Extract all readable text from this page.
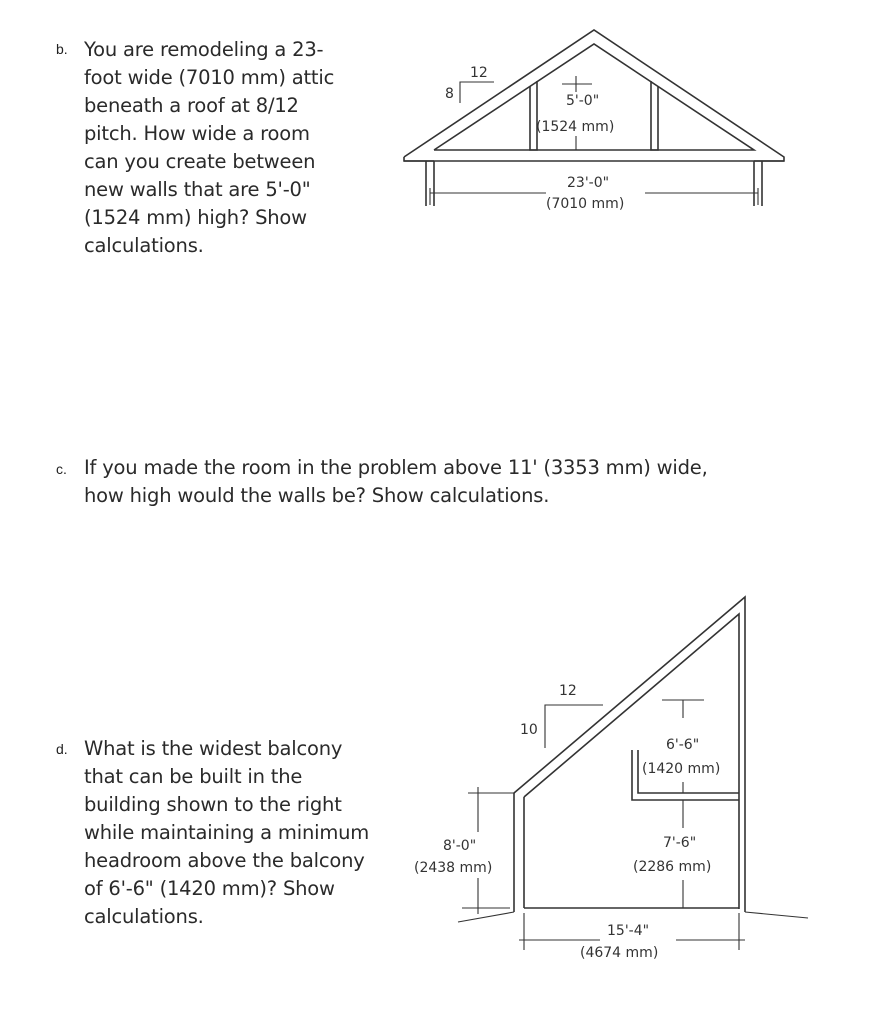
b. You are remodeling a 23-
foot wide (7010 mm) attic
beneath a roof at 8/12
pitch. How wide a room
can you create between
new walls that are 5'-0"
(1524 mm) high? Show
calculations.
c. If you made the room in the problem above 11' (3353 mm) wide,
how high would the walls be? Show calculations.
d. What is the widest balcony
that can be built in the
building shown to the right
while maintaining a minimum
headroom above the balcony
of 6'-6" (1420 mm)? Show
calculations.
12
8	5'-0"
(1524 mm)
23'-0"
(7010 mm)
12
10
6'-6"
(1420 mm)
7'-6"
(2286 mm)
8'-0"
(2438 mm)
15'-4"
(4674 mm)
